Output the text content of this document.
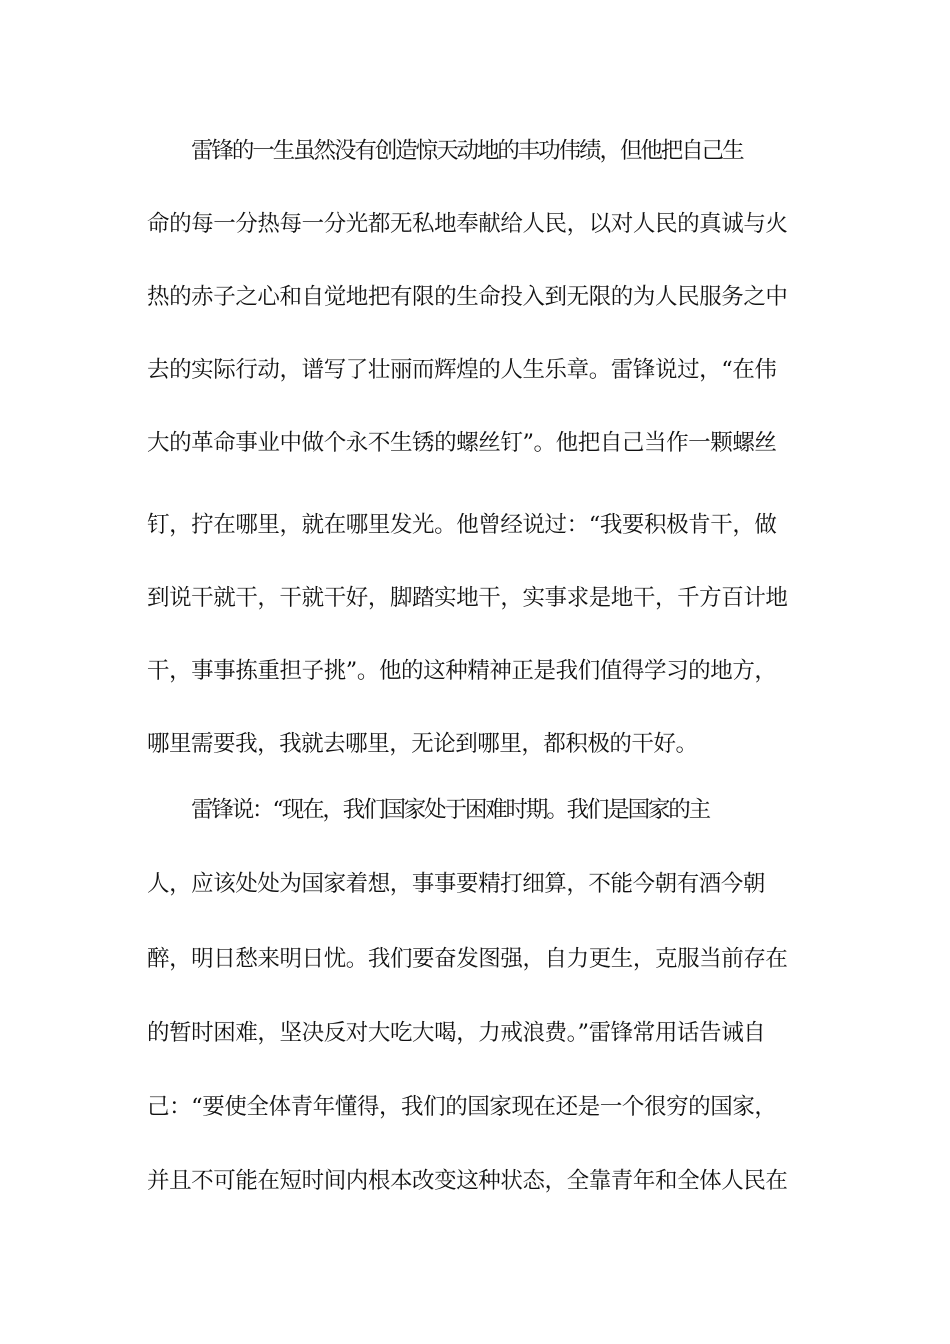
雷锋的一生虽然没有创造惊天动地的丰功伟绩，但他把自己生
命的每一分热每一分光都无私地奉献给人民，以对人民的真诚与火
热的赤子之心和自觉地把有限的生命投入到无限的为人民服务之中
去的实际行动，谱写了壮丽而辉煌的人生乐章。雷锋说过，“在伟
大的革命事业中做个永不生锈的螺丝钉”。他把自己当作一颗螺丝
钉，拧在哪里，就在哪里发光。他曾经说过：“我要积极肯干，做
到说干就干，干就干好，脚踏实地干，实事求是地干，千方百计地
干，事事拣重担子挑”。他的这种精神正是我们值得学习的地方，
哪里需要我，我就去哪里，无论到哪里，都积极的干好。
雷锋说：“现在，我们国家处于困难时期。我们是国家的主
人，应该处处为国家着想，事事要精打细算，不能今朝有酒今朝
醉，明日愁来明日忧。我们要奋发图强，自力更生，克服当前存在
的暂时困难，坚决反对大吃大喝，力戒浪费。”雷锋常用话告诫自
己：“要使全体青年懂得，我们的国家现在还是一个很穷的国家，
并且不可能在短时间内根本改变这种状态，全靠青年和全体人民在
